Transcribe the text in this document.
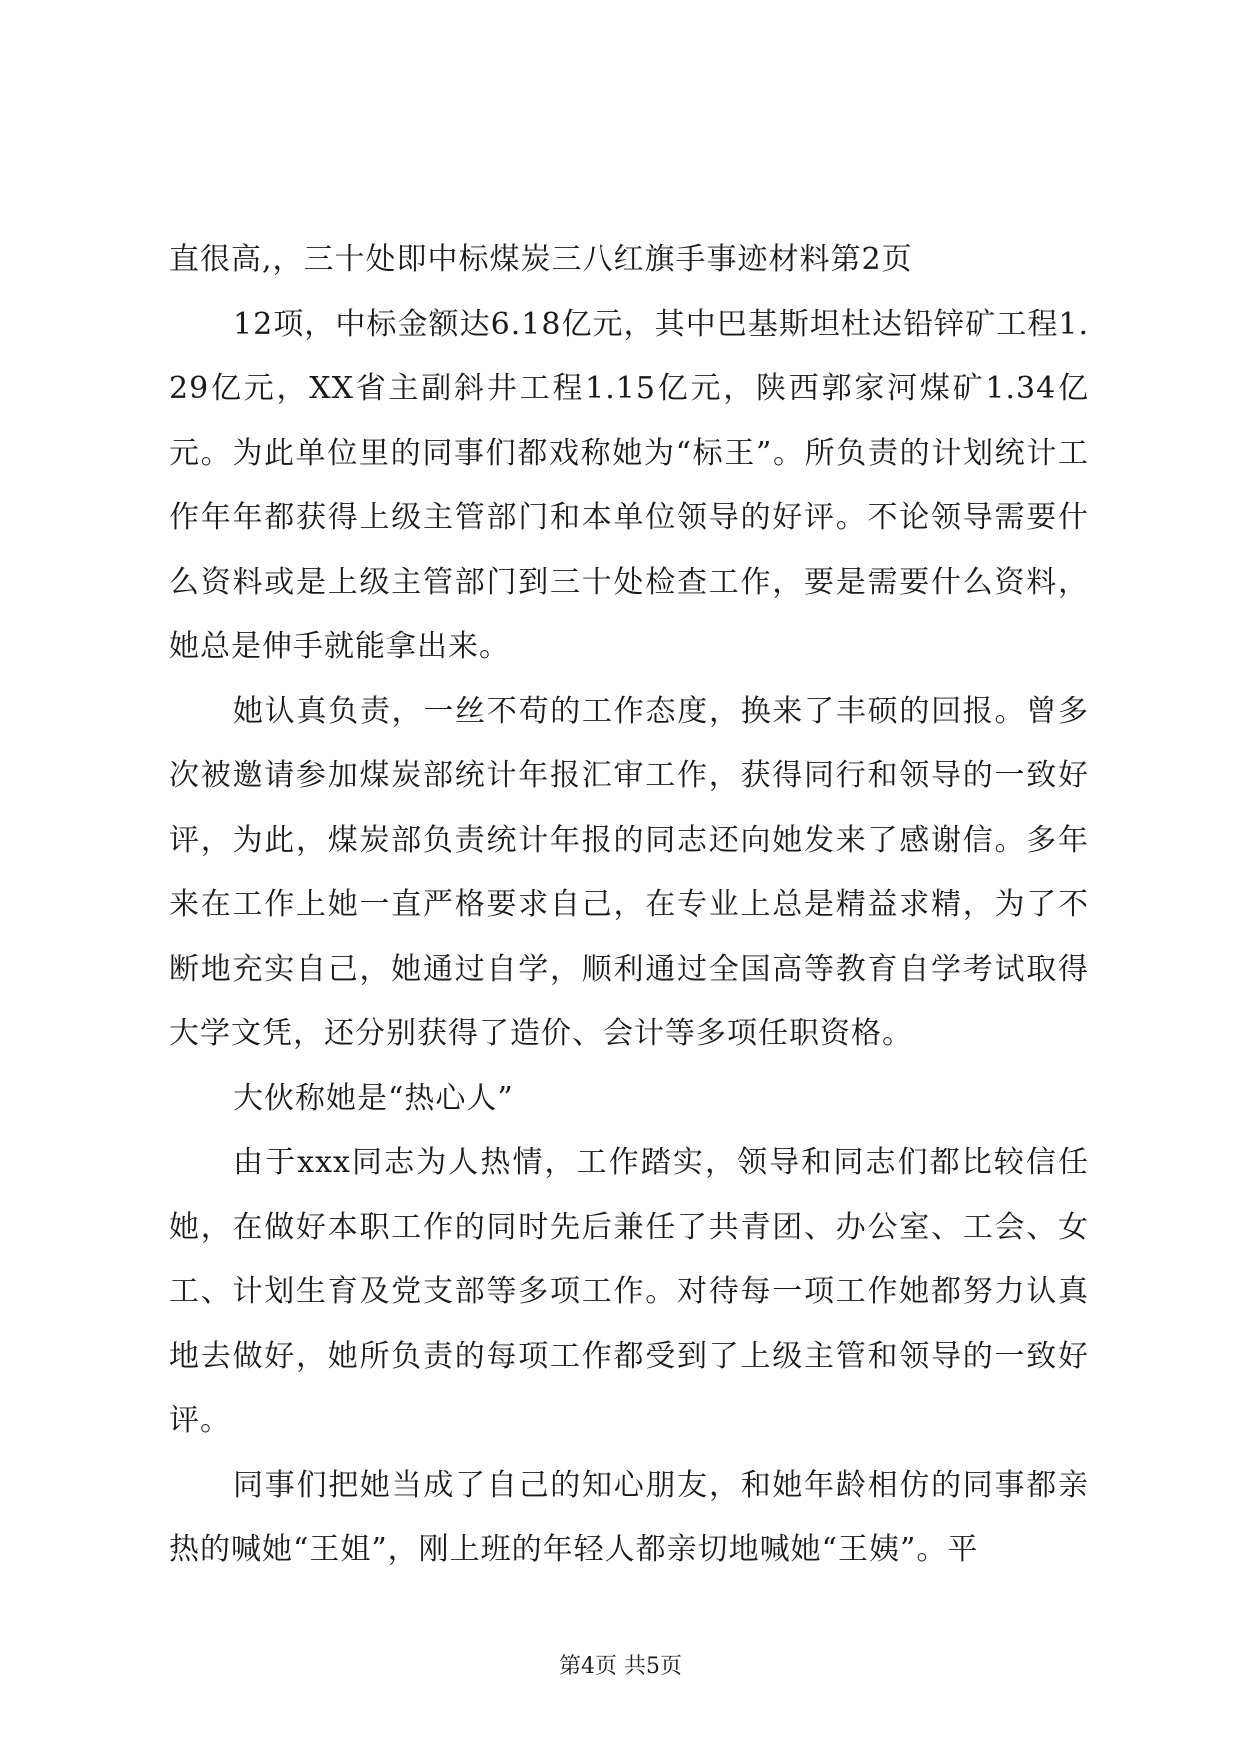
直很高,，三十处即中标煤炭三八红旗手事迹材料第2页

12项，中标金额达6.18亿元，其中巴基斯坦杜达铅锌矿工程1.29亿元，XX省主副斜井工程1.15亿元，陕西郭家河煤矿1.34亿元。为此单位里的同事们都戏称她为“标王”。所负责的计划统计工作年年都获得上级主管部门和本单位领导的好评。不论领导需要什么资料或是上级主管部门到三十处检查工作，要是需要什么资料，她总是伸手就能拿出来。

她认真负责，一丝不苟的工作态度，换来了丰硕的回报。曾多次被邀请参加煤炭部统计年报汇审工作，获得同行和领导的一致好评，为此，煤炭部负责统计年报的同志还向她发来了感谢信。多年来在工作上她一直严格要求自己，在专业上总是精益求精，为了不断地充实自己，她通过自学，顺利通过全国高等教育自学考试取得大学文凭，还分别获得了造价、会计等多项任职资格。

大伙称她是“热心人”

由于xxx同志为人热情，工作踏实，领导和同志们都比较信任她，在做好本职工作的同时先后兼任了共青团、办公室、工会、女工、计划生育及党支部等多项工作。对待每一项工作她都努力认真地去做好，她所负责的每项工作都受到了上级主管和领导的一致好评。

同事们把她当成了自己的知心朋友，和她年龄相仿的同事都亲热的喊她“王姐”，刚上班的年轻人都亲切地喊她“王姨”。平

第4页 共5页
